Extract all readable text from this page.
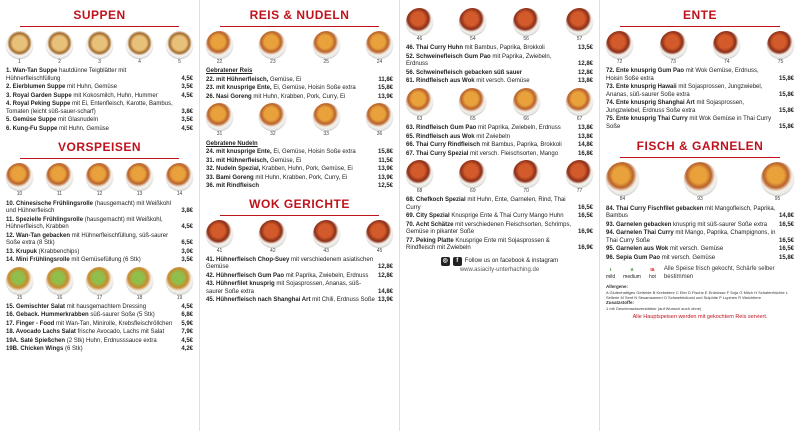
SUPPEN
1	2	3	4	5
1. Wan-Tan Suppe hautdünne Teigblätter mit Hühnerfleischfüllung	4,5€
2. Eierblumen Suppe mit Huhn, Gemüse	3,5€
3. Royal Garden Suppe mit Kokosmilch, Huhn, Hummer	4,5€
4. Royal Peking Suppe mit Ei, Entenfleisch, Karotte, Bambus, Tomaten (leicht süß-sauer-scharf)	3,8€
5. Gemüse Suppe mit Glasnudeln	3,5€
6. Kung-Fu Suppe mit Huhn, Gemüse	4,5€
VORSPEISEN
10	11	12	13	14
10. Chinesische Frühlingsrolle (hausgemacht) mit Weißkohl und Hühnerfleisch	3,8€
11. Spezielle Frühlingsrolle (hausgemacht) mit Weißkohl, Hühnerfleisch, Krabben	4,5€
12. Wan-Tan gebacken mit Hühnerfleischfüllung, süß-saurer Soße extra (8 Stk)	6,5€
13. Krupuk (Krabbenchips)	3,0€
14. Mini Frühlingsrolle mit Gemüsefüllung (6 Stk)	3,5€
15	16	17	18	19
15. Gemischter Salat mit hausgemachtem Dressing	4,5€
16. Geback. Hummerkrabben süß-saurer Soße (5 Stk)	6,8€
17. Finger - Food mit Wan-Tan, Minirolle, Krebsfleischröllchen	5,9€
18. Avocado Lachs Salat frische Avocado, Lachs mit Salat	7,9€
19A. Saté Spießchen (2 Stk) Huhn, Erdnusssauce extra	4,5€
19B. Chicken Wings (6 Stk)	4,2€
REIS & NUDELN
22	23	25	24
Gebratener Reis
22. mit Hühnerfleisch, Gemüse, Ei	11,8€
23. mit knusprige Ente, Ei, Gemüse, Hoisin Soße extra	15,8€
26. Nasi Goreng mit Huhn, Krabben, Pork, Curry, Ei	13,9€
31	32	33	36
Gebratene Nudeln
24. mit knusprige Ente, Ei, Gemüse, Hoisin Soße extra	15,8€
31. mit Hühnerfleisch, Gemüse, Ei	11,5€
32. Nudeln Spezial, Krabben, Huhn, Pork, Gemüse, Ei	13,9€
33. Bami Goreng mit Huhn, Krabben, Pork, Curry, Ei	13,9€
36. mit Rindfleisch	12,5€
WOK GERICHTE
41	42	43	45
41. Hühnerfleisch Chop-Suey mit verschiedenem asiatischen Gemüse	12,8€
42. Hühnerfleisch Gum Pao mit Paprika, Zwiebeln, Erdnuss	12,8€
43. Hühnerfilet knusprig mit Sojasprossen, Ananas, süß-saurer Soße extra	14,8€
45. Hühnerfleisch nach Shanghai Art mit Chili, Erdnuss Soße 13,9€
46	54	56	57
46. Thai Curry Huhn mit Bambus, Paprika, Brokkoli	13,5€
52. Schweinefleisch Gum Pao mit Paprika, Zwiebeln, Erdnuss	12,8€
56. Schweinefleisch gebacken süß sauer	12,8€
61. Rindfleisch aus Wok mit versch. Gemüse	13,8€
63	65	66	67
63. Rindfleisch Gum Pao mit Paprika, Zwiebeln, Erdnuss	13,8€
65. Rindfleisch aus Wok mit Zwiebeln	13,8€
66. Thai Curry Rindfleisch mit Bambus, Paprika, Brokkoli	14,8€
67. Thai Curry Spezial mit versch. Fleischsorten, Mango	16,8€
68	69	70	77
68. Chefkoch Spezial mit Huhn, Ente, Garnelen, Rind, Thai Curry	16,5€
69. City Spezial Knusprige Ente & Thai Curry Mango Huhn	16,5€
70. Acht Schätze mit verschiedenen Fleischsorten, Schrimps, Gemüse in pikanter Soße	16,9€
77. Peking Platte Knusprige Ente mit Sojasprossen & Rindfleisch mit Zwiebeln	16,9€
◎	f	Follow us on facebook & instagram
www.asiacity-unterhaching.de
ENTE
72	73	74	75
72. Ente knusprig Gum Pao mit Wok Gemüse, Erdnuss, Hoisin Soße extra	15,8€
73. Ente knusprig Hawaii mit Sojasprossen, Jungzwiebel, Ananas, süß-saurer Soße extra	15,8€
74. Ente knusprig Shanghai Art mit Sojasprossen, Jungzwiebel, Erdnuss Soße extra	15,8€
75. Ente knusprig Thai Curry mit Wok Gemüse in Thai Curry Soße	15,8€
FISCH & GARNELEN
84	93	95
84. Thai Curry Fischfilet gebacken mit Mangofleisch, Paprika, Bambus	14,8€
93. Garnelen gebacken knusprig mit süß-saurer Soße extra	16,5€
94. Garnelen Thai Curry mit Mango, Paprika, Champignons, in Thai Curry Soße	16,5€
95. Garnelen aus Wok mit versch. Gemüse	16,5€
96. Sepia Gum Pao mit versch. Gemüse	15,8€
ɩ
mild
ɩɩ
medium
ɩɩɩ
hot
Alle Speise frisch gekocht, Schärfe selber bestimmen
Allergene:
A Glutenhaltiges Getreide B Krebstiere C Eier D Fische E Erdnüsse F Soja G Milch H Schalenfrüchte L Sellerie M Senf N Sesamsamen O Schwefeldioxid und Sulphite P Lupinen R Weichtiere
Zusatzstoffe:
1 mit Geschmacksverstärker (auf Wunsch auch ohne)
Alle Hauptspeisen werden mit gekochtem Reis serviert.
